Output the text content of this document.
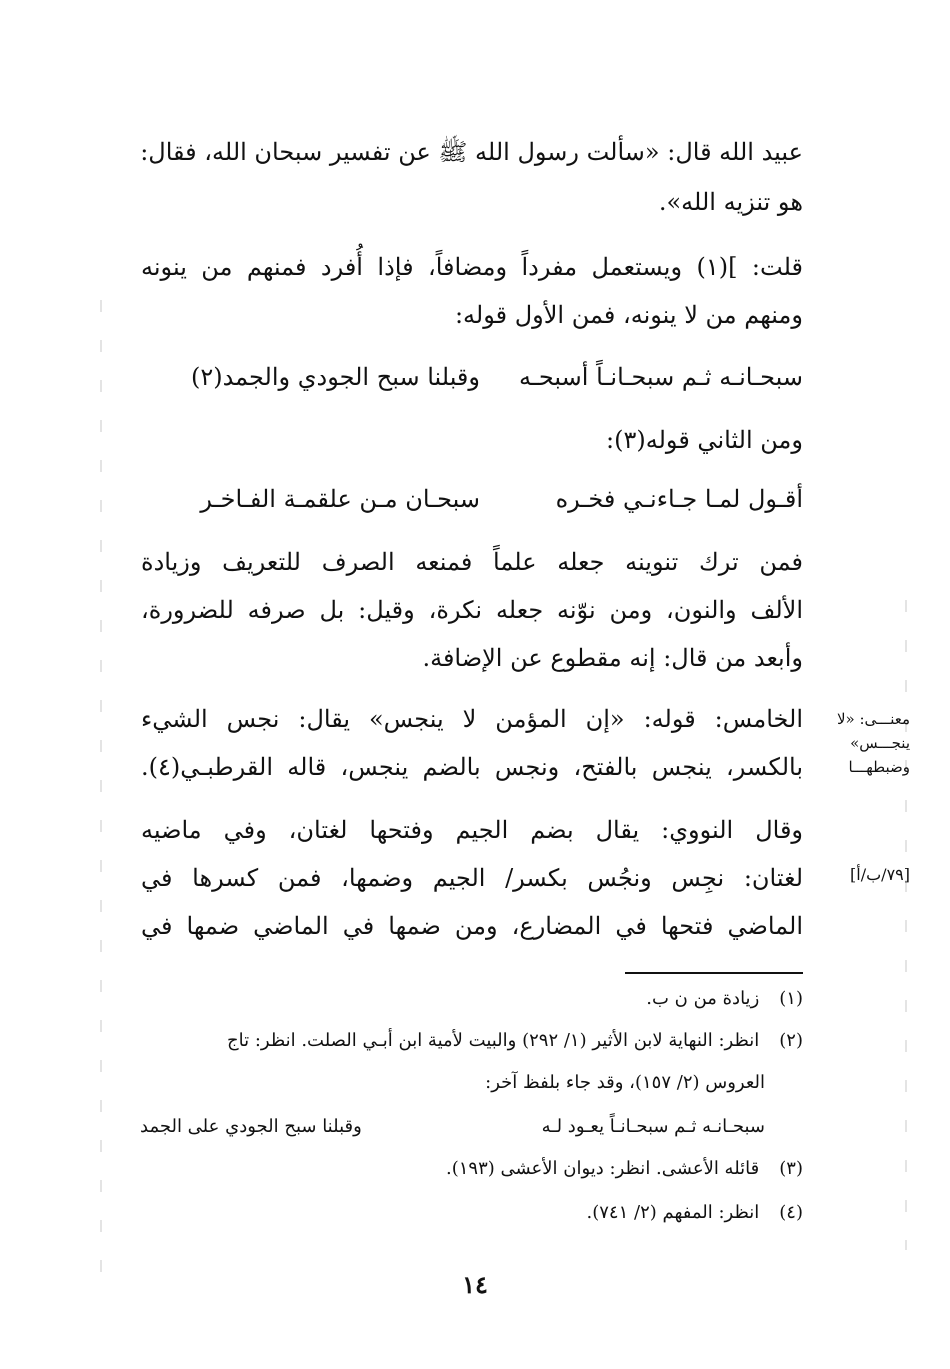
عبيد الله قال: «سألت رسول الله ﷺ عن تفسير سبحان الله، فقال:
هو تنزيه الله».
قلت: ](١) ويستعمل مفرداً ومضافاً، فإذا أُفرد فمنهم من ينونه
ومنهم من لا ينونه، فمن الأول قوله:
سبحـانـه ثـم سبحـانـاً أسبحـه
وقبلنا سبح الجودي والجمد(٢)
ومن الثاني قوله(٣):
أقـول لمـا جـاءنـي فخـره
سبحـان مـن علقمـة الفـاخـر
فمن ترك تنوينه جعله علماً فمنعه الصرف للتعريف وزيادة
الألف والنون، ومن نوّنه جعله نكرة، وقيل: بل صرفه للضرورة،
وأبعد من قال: إنه مقطوع عن الإضافة.
الخامس: قوله: «إن المؤمن لا ينجس» يقال: نجس الشيء
بالكسر، ينجس بالفتح، ونجس بالضم ينجس، قاله القرطبـي(٤).
وقال النووي: يقال بضم الجيم وفتحها لغتان، وفي ماضيه
لغتان: نجِس ونجُس بكسر/ الجيم وضمها، فمن كسرها في
الماضي فتحها في المضارع، ومن ضمها في الماضي ضمها في
معنـــى: «لا
ينجـــس»
وضبطهـــا
[٧٩/ب/أ]
(١) زيادة من ن ب.
(٢) انظر: النهاية لابن الأثير (١/ ٢٩٢) والبيت لأمية ابن أبـي الصلت. انظر: تاج
العروس (٢/ ١٥٧)، وقد جاء بلفظ آخر:
سبحـانـه ثـم سبحـانـاً يعـود لـه
وقبلنا سبح الجودي على الجمد
(٣) قائله الأعشى. انظر: ديوان الأعشى (١٩٣).
(٤) انظر: المفهم (٢/ ٧٤١).
١٤
